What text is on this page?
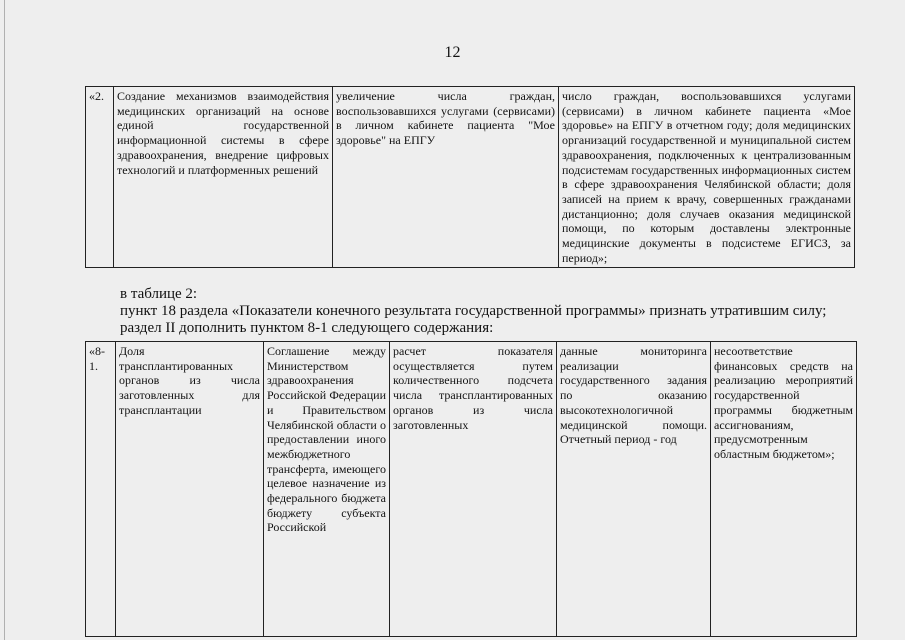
12
«2.	Создание механизмов взаимодействия медицинских организаций на основе единой государственной информационной системы в сфере здравоохранения, внедрение цифровых технологий и платформенных решений	увеличение числа граждан, воспользовавшихся услугами (сервисами) в личном кабинете пациента "Мое здоровье" на ЕПГУ	число граждан, воспользовавшихся услугами (сервисами) в личном кабинете пациента «Мое здоровье» на ЕПГУ в отчетном году; доля медицинских организаций государственной и муниципальной систем здравоохранения, подключенных к централизованным подсистемам государственных информационных систем в сфере здравоохранения Челябинской области; доля записей на прием к врачу, совершенных гражданами дистанционно; доля случаев оказания медицинской помощи, по которым доставлены электронные медицинские документы в подсистеме ЕГИСЗ, за период»;
в таблице 2:
пункт 18 раздела «Показатели конечного результата государственной программы» признать утратившим силу;
раздел II дополнить пунктом 8-1 следующего содержания:
«8-1.	Доля трансплантированных органов из числа заготовленных для трансплантации	Соглашение между Министерством здравоохранения Российской Федерации и Правительством Челябинской области о предоставлении иного межбюджетного трансферта, имеющего целевое назначение из федерального бюджета бюджету субъекта Российской	расчет показателя осуществляется путем количественного подсчета числа трансплантированных органов из числа заготовленных	данные мониторинга реализации государственного задания по оказанию высокотехнологичной медицинской помощи. Отчетный период - год	несоответствие финансовых средств на реализацию мероприятий государственной программы бюджетным ассигнованиям, предусмотренным областным бюджетом»;
